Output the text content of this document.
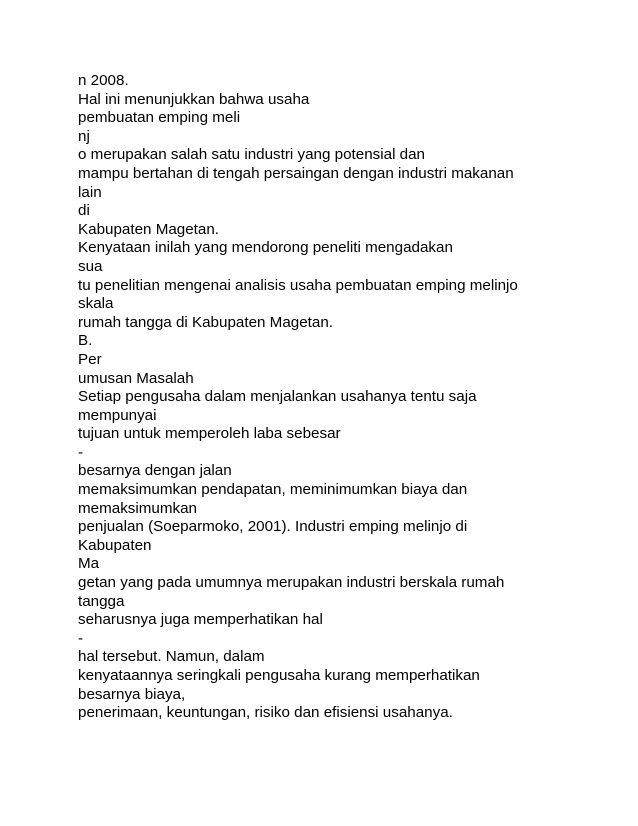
n 2008.
Hal ini menunjukkan bahwa usaha
pembuatan emping meli
nj
o merupakan salah satu industri yang potensial dan
mampu bertahan di tengah persaingan dengan industri makanan
lain
di
Kabupaten Magetan.
Kenyataan inilah yang mendorong peneliti mengadakan
sua
tu penelitian mengenai analisis usaha pembuatan emping melinjo
skala
rumah tangga di Kabupaten Magetan.
B.
Per
umusan Masalah
Setiap pengusaha dalam menjalankan usahanya tentu saja
mempunyai
tujuan untuk memperoleh laba sebesar
-
besarnya dengan jalan
memaksimumkan pendapatan, meminimumkan biaya dan
memaksimumkan
penjualan (Soeparmoko, 2001). Industri emping melinjo di
Kabupaten
Ma
getan yang pada umumnya merupakan industri berskala rumah
tangga
seharusnya juga memperhatikan hal
-
hal tersebut. Namun, dalam
kenyataannya seringkali pengusaha kurang memperhatikan
besarnya biaya,
penerimaan, keuntungan, risiko dan efisiensi usahanya.
